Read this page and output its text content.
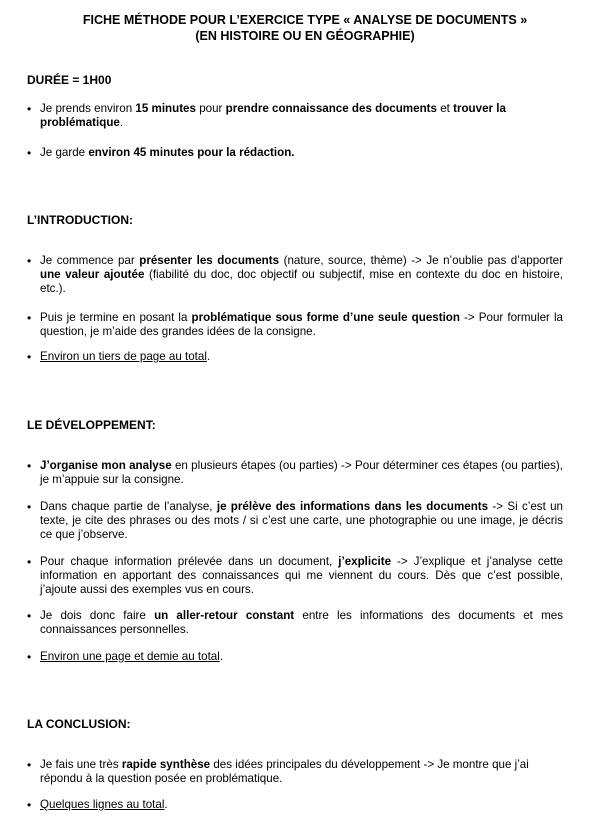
FICHE MÉTHODE POUR L’EXERCICE TYPE « ANALYSE DE DOCUMENTS »
(EN HISTOIRE OU EN GÉOGRAPHIE)
DURÉE = 1H00
• Je prends environ 15 minutes pour prendre connaissance des documents et trouver la problématique.
• Je garde environ 45 minutes pour la rédaction.
L’INTRODUCTION:
• Je commence par présenter les documents (nature, source, thème) -> Je n’oublie pas d’apporter une valeur ajoutée (fiabilité du doc, doc objectif ou subjectif, mise en contexte du doc en histoire, etc.).
• Puis je termine en posant la problématique sous forme d’une seule question -> Pour formuler la question, je m’aide des grandes idées de la consigne.
• Environ un tiers de page au total.
LE DÉVELOPPEMENT:
• J’organise mon analyse en plusieurs étapes (ou parties) -> Pour déterminer ces étapes (ou parties), je m’appuie sur la consigne.
• Dans chaque partie de l’analyse, je prélève des informations dans les documents -> Si c’est un texte, je cite des phrases ou des mots / si c’est une carte, une photographie ou une image, je décris ce que j’observe.
• Pour chaque information prélevée dans un document, j’explicite -> J’explique et j’analyse cette information en apportant des connaissances qui me viennent du cours. Dès que c’est possible, j’ajoute aussi des exemples vus en cours.
• Je dois donc faire un aller-retour constant entre les informations des documents et mes connaissances personnelles.
• Environ une page et demie au total.
LA CONCLUSION:
• Je fais une très rapide synthèse des idées principales du développement -> Je montre que j’ai répondu à la question posée en problématique.
• Quelques lignes au total.
